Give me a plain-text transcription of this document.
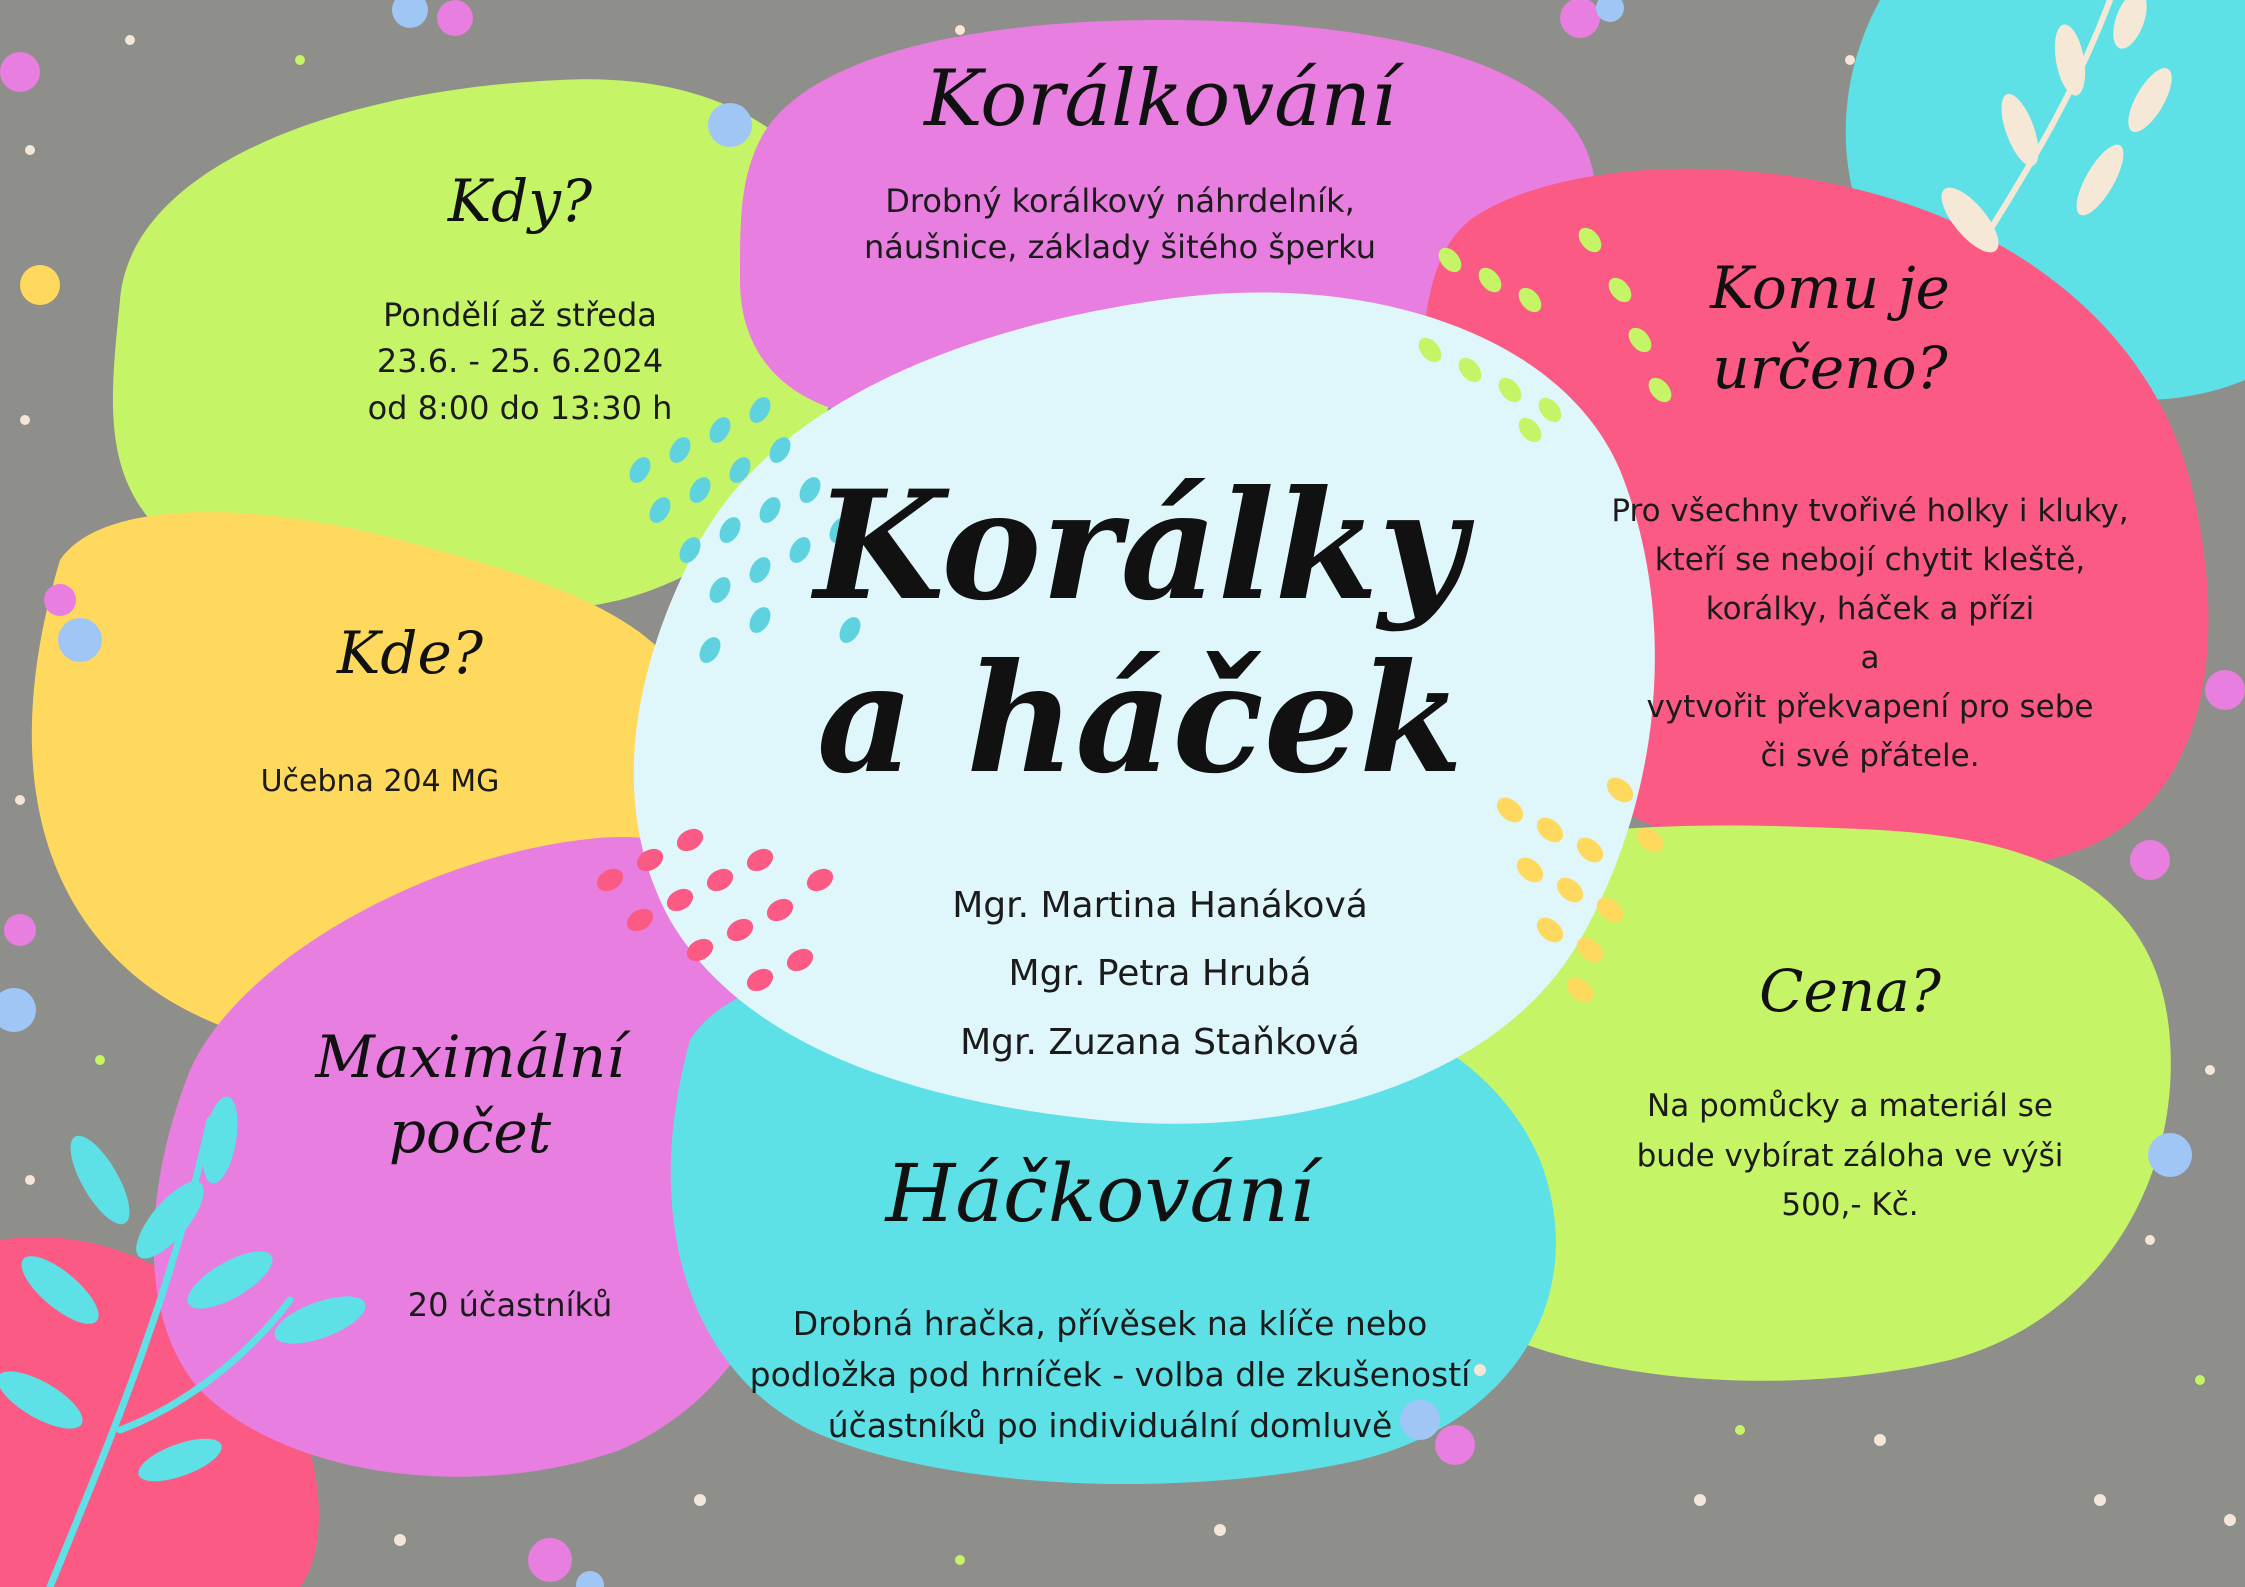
Korálkování
Drobný korálkový náhrdelník,
náušnice, základy šitého šperku
Kdy?
Pondělí až středa
23.6. - 25. 6.2024
od 8:00 do 13:30 h
Kde?
Učebna 204 MG
Maximální
počet
20 účastníků
Korálky
a háček
Mgr. Martina Hanáková
Mgr. Petra Hrubá
Mgr. Zuzana Staňková
Háčkování
Drobná hračka, přívěsek na klíče nebo
podložka pod hrníček - volba dle zkušeností
účastníků po individuální domluvě
Komu je
určeno?
Pro všechny tvořivé holky i kluky,
kteří se nebojí chytit kleště,
korálky, háček a přízi
a
vytvořit překvapení pro sebe
či své přátele.
Cena?
Na pomůcky a materiál se
bude vybírat záloha ve výši
500,- Kč.
